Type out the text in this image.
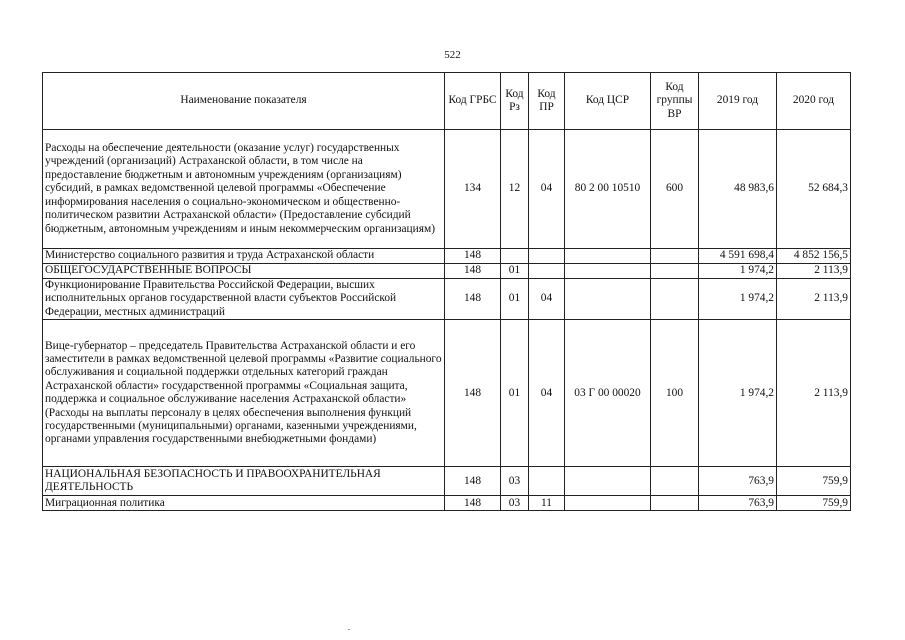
522
Наименование показателя	Код ГРБС	Код Рз	Код ПР	Код ЦСР	Код группы ВР	2019 год	2020 год
Расходы на обеспечение деятельности (оказание услуг) государственных учреждений (организаций) Астраханской области, в том числе на предоставление бюджетным и автономным учреждениям (организациям) субсидий, в рамках ведомственной целевой программы «Обеспечение информирования населения о социально-экономическом и общественно-политическом развитии Астраханской области» (Предоставление субсидий бюджетным, автономным учреждениям и иным некоммерческим организациям)	134	12	04	80 2 00 10510	600	48 983,6	52 684,3
Министерство социального развития и труда Астраханской области	148					4 591 698,4	4 852 156,5
ОБЩЕГОСУДАРСТВЕННЫЕ ВОПРОСЫ	148	01				1 974,2	2 113,9
Функционирование Правительства Российской Федерации, высших исполнительных органов государственной власти субъектов Российской Федерации, местных администраций	148	01	04			1 974,2	2 113,9
Вице-губернатор – председатель Правительства Астраханской области и его заместители в рамках ведомственной целевой программы «Развитие социального обслуживания и социальной поддержки отдельных категорий граждан Астраханской области» государственной программы «Социальная защита, поддержка и социальное обслуживание населения Астраханской области» (Расходы на выплаты персоналу в целях обеспечения выполнения функций государственными (муниципальными) органами, казенными учреждениями, органами управления государственными внебюджетными фондами)	148	01	04	03 Г 00 00020	100	1 974,2	2 113,9
НАЦИОНАЛЬНАЯ БЕЗОПАСНОСТЬ И ПРАВООХРАНИТЕЛЬНАЯ ДЕЯТЕЛЬНОСТЬ	148	03				763,9	759,9
Миграционная политика	148	03	11			763,9	759,9
